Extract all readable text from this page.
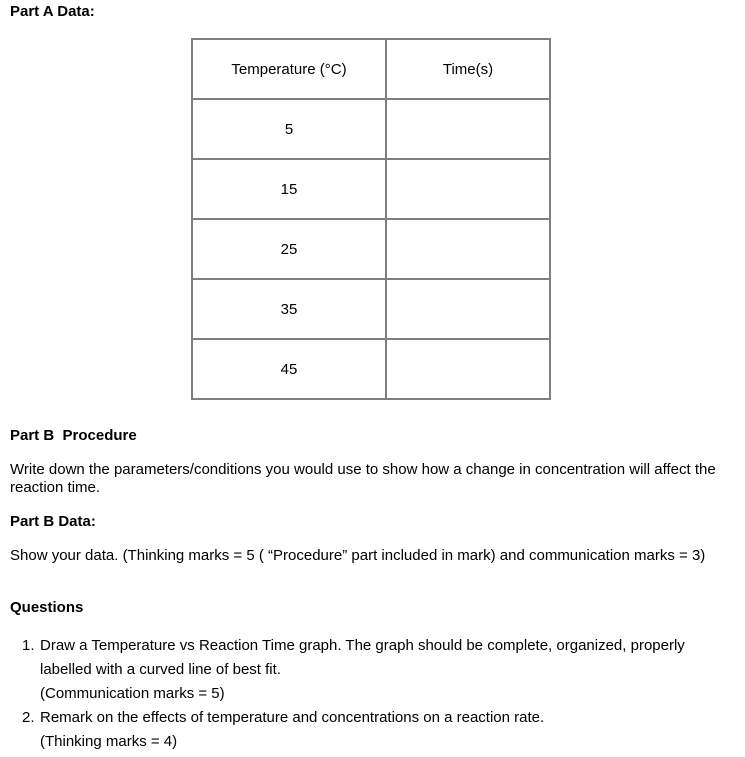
Part A Data:
Temperature (°C)	Time(s)
5	
15	
25	
35	
45	
Part B  Procedure

Write down the parameters/conditions you would use to show how a change in concentration will affect the reaction time.

Part B Data:

Show your data. (Thinking marks = 5 ( “Procedure” part included in mark) and communication marks = 3)

Questions
1. Draw a Temperature vs Reaction Time graph. The graph should be complete, organized, properly labelled with a curved line of best fit.
(Communication marks = 5)
2. Remark on the effects of temperature and concentrations on a reaction rate.
(Thinking marks = 4)
